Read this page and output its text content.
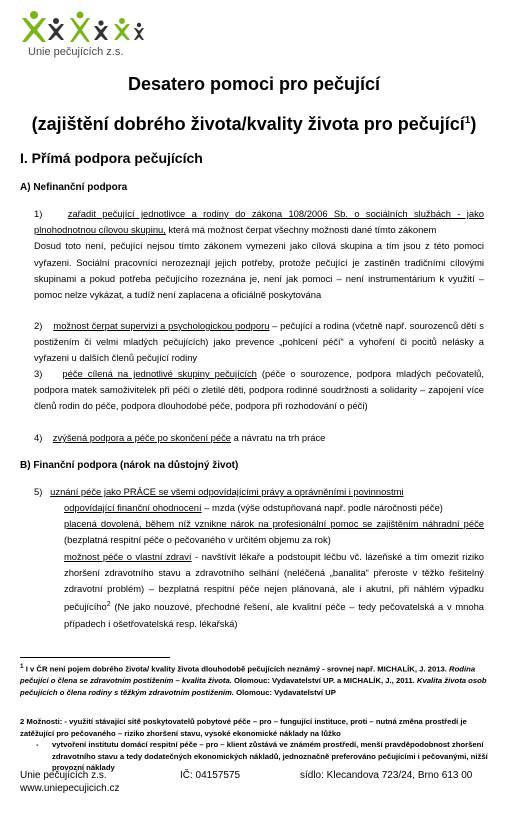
Unie pečujících z.s.
Desatero pomoci pro pečující
(zajištění dobrého života/kvality života pro pečující$^1$)
I. Přímá podpora pečujících
A) Nefinanční podpora

1)	zařadit pečující jednotlivce a rodiny do zákona 108/2006 Sb. o sociálních službách - jako plnohodnotnou cílovou skupinu, která má možnost čerpat všechny možnosti dané tímto zákonem

Dosud toto není, pečující nejsou tímto zákonem vymezeni jako cílová skupina a tím jsou z této pomoci vyřazeni. Sociální pracovníci nerozeznají jejich potřeby, protože pečující je zastíněn tradičními cílovými skupinami a pokud potřeba pečujícího rozeznána je, není jak pomoci – není instrumentárium k využití – pomoc nelze vykázat, a tudíž není zaplacena a oficiálně poskytována

2) možnost čerpat supervizi a psychologickou podporu – pečující a rodina (včetně např. sourozenců dětí s postižením či velmi mladých pečujících) jako prevence „pohlcení péčí“ a vyhoření či pocitů nelásky a vyřazeni u dalších členů pečující rodiny

3) péče cílená na jednotlivé skupiny pečujících (péče o sourozence, podpora mladých pečovatelů, podpora matek samoživitelek při péči o zletilé děti, podpora rodinné soudržnosti a solidarity – zapojení více členů rodin do péče, podpora dlouhodobé péče, podpora při rozhodování o péči)

4) zvýšená podpora a péče po skončení péče a návratu na trh práce

B) Finanční podpora (nárok na důstojný život)

5) uznání péče jako PRÁCE se všemi odpovídajícími právy a oprávněními i povinnostmi

odpovídající finanční ohodnocení – mzda (výše odstupňovaná např. podle náročnosti péče)

placená dovolená, během níž vznikne nárok na profesionální pomoc se zajištěním náhradní péče (bezplatná respitní péče o pečovaného v určitém objemu za rok)

možnost péče o vlastní zdraví - navštívit lékaře a podstoupit léčbu vč. lázeňské a tím omezit riziko zhoršení zdravotního stavu a zdravotního selhání (neléčená „banalita“ přeroste v těžko řešitelný zdravotní problém) – bezplatná respitní péče nejen plánovaná, ale i akutní, při náhlém výpadku pečujícího$^2$ (Ne jako nouzové, přechodné řešení, ale kvalitní péče – tedy pečovatelská a v mnoha případech i ošetřovatelská resp. lékařská)

$^1$ I v ČR není pojem dobrého života/ kvality života dlouhodobě pečujících neznámý - srovnej např. MICHALÍK, J. 2013. Rodina pečující o člena se zdravotním postižením – kvalita života. Olomouc: Vydavatelství UP. a MICHALÍK, J., 2011. Kvalita života osob pečujících o člena rodiny s těžkým zdravotním postižením. Olomouc: Vydavatelství UP
2 Možnosti: - využití stávající sítě poskytovatelů pobytové péče – pro – fungující instituce, proti – nutná změna prostředí je zatěžující pro pečovaného – riziko zhoršení stavu, vysoké ekonomické náklady na lůžko
-	vytvoření institutu domácí respitní péče – pro – klient zůstává ve známém prostředí, menší pravděpodobnost zhoršení zdravotního stavu a tedy dodatečných ekonomických nákladů, jednoznačně preferováno pečujícími i pečovanými, nižší provozní náklady
Unie pečujících z.s.
www.uniepecujicich.cz
IČ: 04157575	sídlo: Klecandova 723/24, Brno 613 00
